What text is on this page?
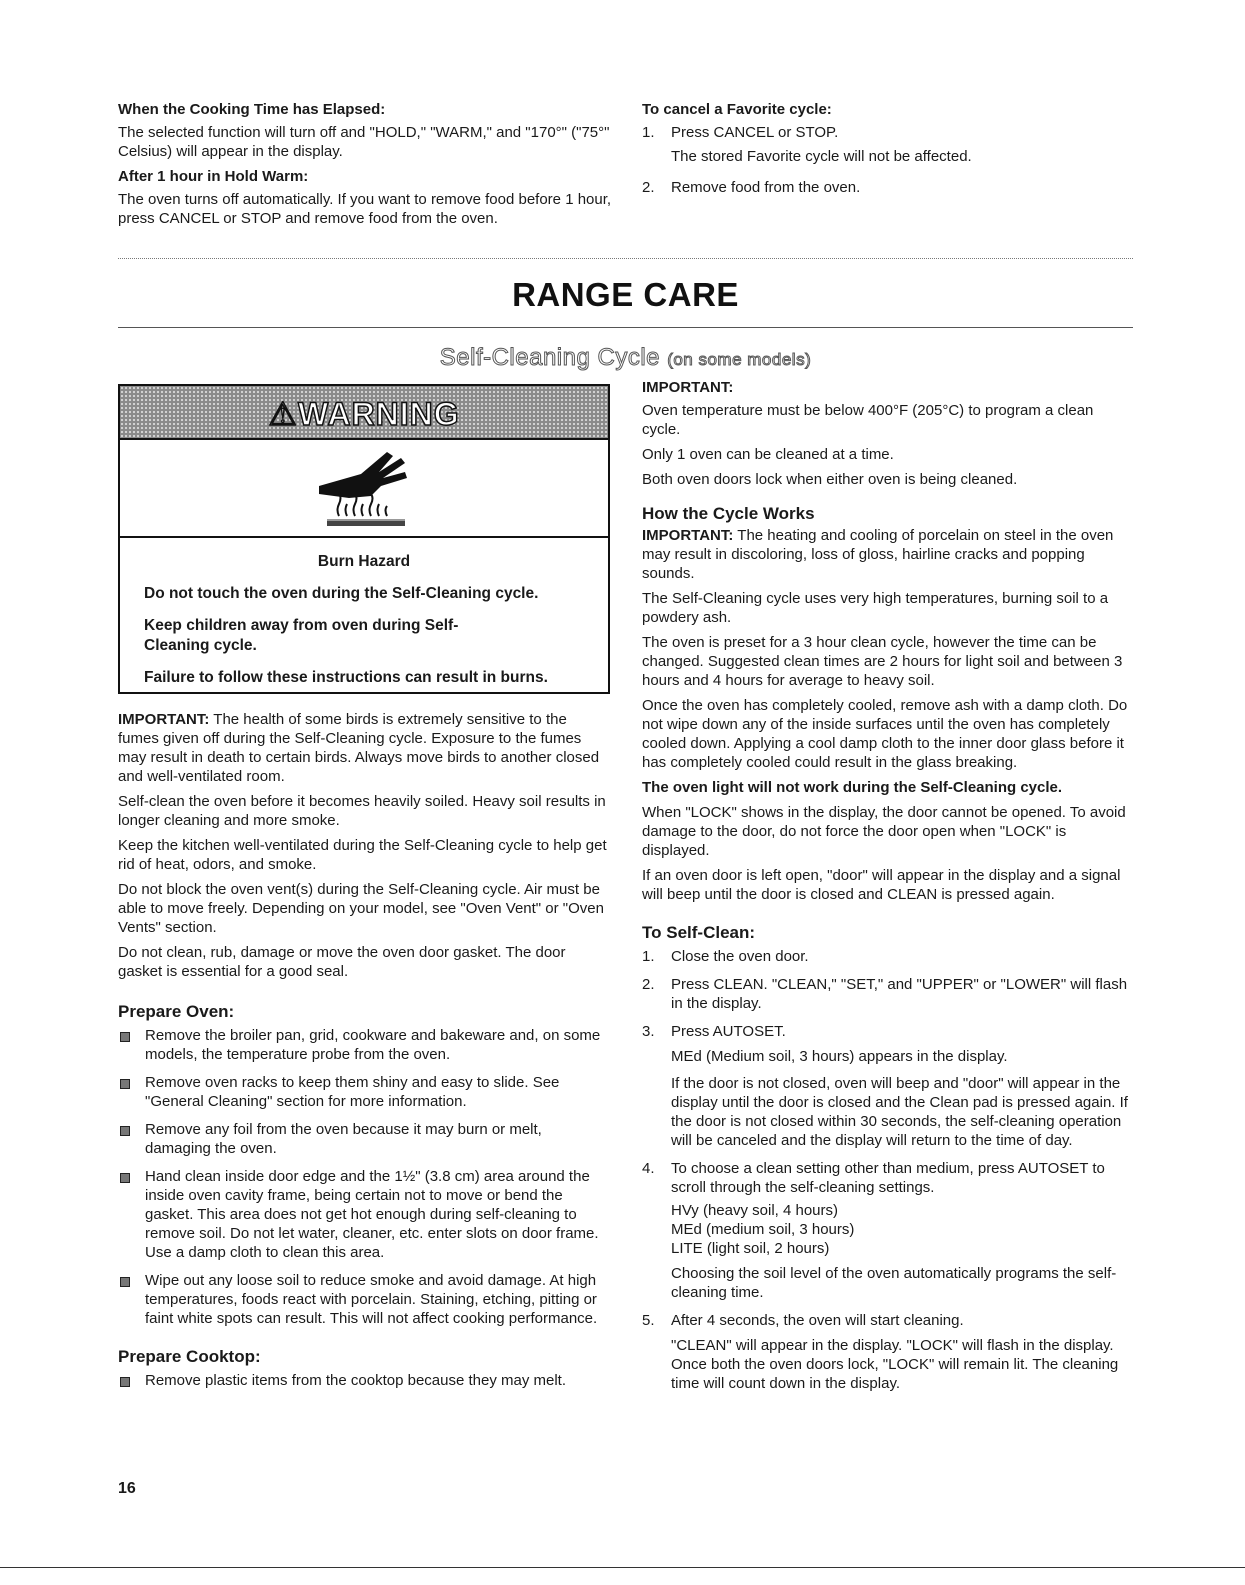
When the Cooking Time has Elapsed:

The selected function will turn off and "HOLD," "WARM," and "170°" ("75°" Celsius) will appear in the display.

After 1 hour in Hold Warm:

The oven turns off automatically. If you want to remove food before 1 hour, press CANCEL or STOP and remove food from the oven.

To cancel a Favorite cycle:

1. Press CANCEL or STOP.

The stored Favorite cycle will not be affected.

2. Remove food from the oven.

RANGE CARE
Self-Cleaning Cycle (on some models)
⚠WARNING

Burn Hazard

Do not touch the oven during the Self-Cleaning cycle.

Keep children away from oven during Self-Cleaning cycle.

Failure to follow these instructions can result in burns.

IMPORTANT: The health of some birds is extremely sensitive to the fumes given off during the Self-Cleaning cycle. Exposure to the fumes may result in death to certain birds. Always move birds to another closed and well-ventilated room.

Self-clean the oven before it becomes heavily soiled. Heavy soil results in longer cleaning and more smoke.

Keep the kitchen well-ventilated during the Self-Cleaning cycle to help get rid of heat, odors, and smoke.

Do not block the oven vent(s) during the Self-Cleaning cycle. Air must be able to move freely. Depending on your model, see "Oven Vent" or "Oven Vents" section.

Do not clean, rub, damage or move the oven door gasket. The door gasket is essential for a good seal.

Prepare Oven:

Remove the broiler pan, grid, cookware and bakeware and, on some models, the temperature probe from the oven.
Remove oven racks to keep them shiny and easy to slide. See "General Cleaning" section for more information.
Remove any foil from the oven because it may burn or melt, damaging the oven.
Hand clean inside door edge and the 1½" (3.8 cm) area around the inside oven cavity frame, being certain not to move or bend the gasket. This area does not get hot enough during self-cleaning to remove soil. Do not let water, cleaner, etc. enter slots on door frame. Use a damp cloth to clean this area.
Wipe out any loose soil to reduce smoke and avoid damage. At high temperatures, foods react with porcelain. Staining, etching, pitting or faint white spots can result. This will not affect cooking performance.

Prepare Cooktop:

Remove plastic items from the cooktop because they may melt.

IMPORTANT:

Oven temperature must be below 400°F (205°C) to program a clean cycle.

Only 1 oven can be cleaned at a time.

Both oven doors lock when either oven is being cleaned.

How the Cycle Works

IMPORTANT: The heating and cooling of porcelain on steel in the oven may result in discoloring, loss of gloss, hairline cracks and popping sounds.

The Self-Cleaning cycle uses very high temperatures, burning soil to a powdery ash.

The oven is preset for a 3 hour clean cycle, however the time can be changed. Suggested clean times are 2 hours for light soil and between 3 hours and 4 hours for average to heavy soil.

Once the oven has completely cooled, remove ash with a damp cloth. Do not wipe down any of the inside surfaces until the oven has completely cooled down. Applying a cool damp cloth to the inner door glass before it has completely cooled could result in the glass breaking.

The oven light will not work during the Self-Cleaning cycle.

When "LOCK" shows in the display, the door cannot be opened. To avoid damage to the door, do not force the door open when "LOCK" is displayed.

If an oven door is left open, "door" will appear in the display and a signal will beep until the door is closed and CLEAN is pressed again.

To Self-Clean:

1. Close the oven door.

2. Press CLEAN. "CLEAN," "SET," and "UPPER" or "LOWER" will flash in the display.

3. Press AUTOSET.

MEd (Medium soil, 3 hours) appears in the display.

If the door is not closed, oven will beep and "door" will appear in the display until the door is closed and the Clean pad is pressed again. If the door is not closed within 30 seconds, the self-cleaning operation will be canceled and the display will return to the time of day.

4. To choose a clean setting other than medium, press AUTOSET to scroll through the self-cleaning settings.

HVy (heavy soil, 4 hours)

MEd (medium soil, 3 hours)

LITE (light soil, 2 hours)

Choosing the soil level of the oven automatically programs the self-cleaning time.

5. After 4 seconds, the oven will start cleaning.

"CLEAN" will appear in the display. "LOCK" will flash in the display. Once both the oven doors lock, "LOCK" will remain lit. The cleaning time will count down in the display.

16
